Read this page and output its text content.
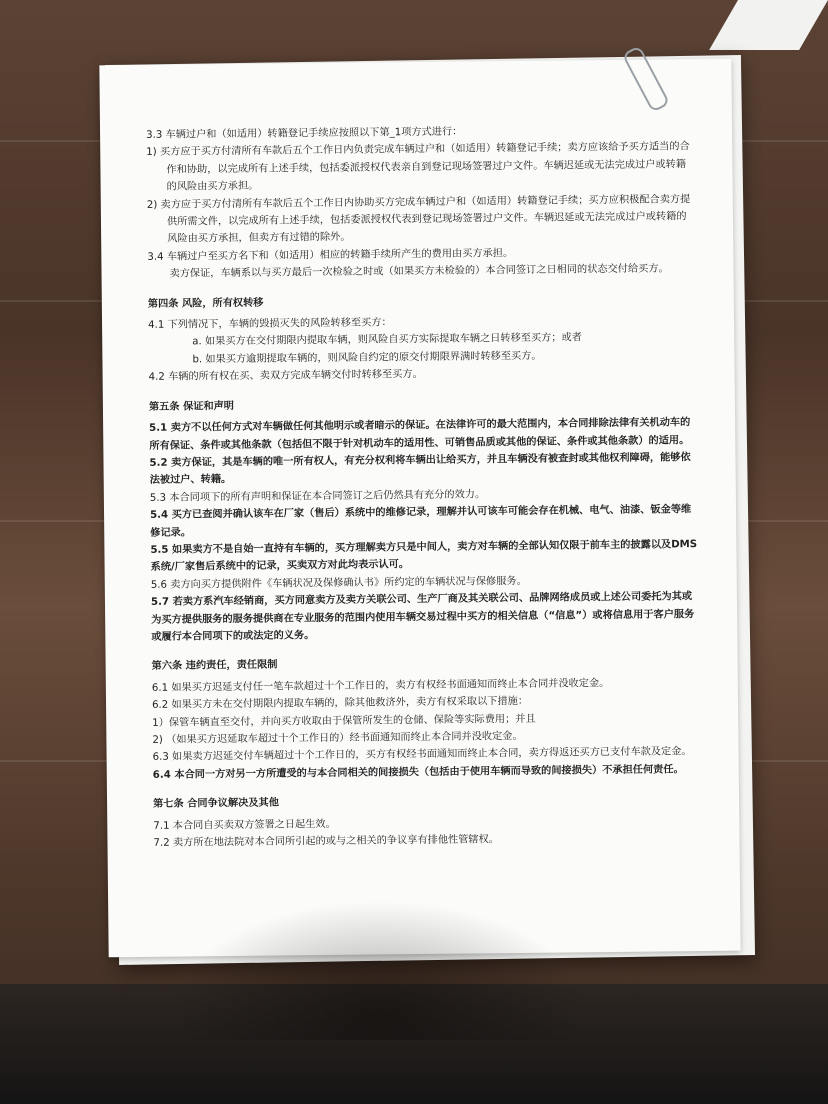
3.3 车辆过户和（如适用）转籍登记手续应按照以下第_1项方式进行：

1) 买方应于买方付清所有车款后五个工作日内负责完成车辆过户和（如适用）转籍登记手续；卖方应该给予买方适当的合作和协助，以完成所有上述手续，包括委派授权代表亲自到登记现场签署过户文件。车辆迟延或无法完成过户或转籍的风险由买方承担。

2) 卖方应于买方付清所有车款后五个工作日内协助买方完成车辆过户和（如适用）转籍登记手续；买方应积极配合卖方提供所需文件，以完成所有上述手续，包括委派授权代表到登记现场签署过户文件。车辆迟延或无法完成过户或转籍的风险由买方承担，但卖方有过错的除外。

3.4 车辆过户至买方名下和（如适用）相应的转籍手续所产生的费用由买方承担。

卖方保证，车辆系以与买方最后一次检验之时或（如果买方未检验的）本合同签订之日相同的状态交付给买方。

第四条 风险，所有权转移

4.1 下列情况下，车辆的毁损灭失的风险转移至买方：

a. 如果买方在交付期限内提取车辆，则风险自买方实际提取车辆之日转移至买方；或者

b. 如果买方逾期提取车辆的，则风险自约定的原交付期限界满时转移至买方。

4.2 车辆的所有权在买、卖双方完成车辆交付时转移至买方。

第五条 保证和声明

5.1 卖方不以任何方式对车辆做任何其他明示或者暗示的保证。在法律许可的最大范围内，本合同排除法律有关机动车的所有保证、条件或其他条款（包括但不限于针对机动车的适用性、可销售品质或其他的保证、条件或其他条款）的适用。

5.2 卖方保证，其是车辆的唯一所有权人，有充分权利将车辆出让给买方，并且车辆没有被查封或其他权利障碍，能够依法被过户、转籍。

5.3 本合同项下的所有声明和保证在本合同签订之后仍然具有充分的效力。

5.4 买方已查阅并确认该车在厂家（售后）系统中的维修记录，理解并认可该车可能会存在机械、电气、油漆、钣金等维修记录。

5.5 如果卖方不是自始一直持有车辆的，买方理解卖方只是中间人，卖方对车辆的全部认知仅限于前车主的披露以及DMS系统/厂家售后系统中的记录，买卖双方对此均表示认可。

5.6 卖方向买方提供附件《车辆状况及保修确认书》所约定的车辆状况与保修服务。

5.7 若卖方系汽车经销商，买方同意卖方及卖方关联公司、生产厂商及其关联公司、品牌网络成员或上述公司委托为其或为买方提供服务的服务提供商在专业服务的范围内使用车辆交易过程中买方的相关信息（“信息”）或将信息用于客户服务或履行本合同项下的或法定的义务。

第六条 违约责任，责任限制

6.1 如果买方迟延支付任一笔车款超过十个工作日的，卖方有权经书面通知而终止本合同并没收定金。

6.2 如果买方未在交付期限内提取车辆的，除其他救济外，卖方有权采取以下措施：

1）保管车辆直至交付，并向买方收取由于保管所发生的仓储、保险等实际费用；并且

2) （如果买方迟延取车超过十个工作日的）经书面通知而终止本合同并没收定金。

6.3 如果卖方迟延交付车辆超过十个工作日的，买方有权经书面通知而终止本合同，卖方得返还买方已支付车款及定金。

6.4 本合同一方对另一方所遭受的与本合同相关的间接损失（包括由于使用车辆而导致的间接损失）不承担任何责任。

第七条 合同争议解决及其他

7.1 本合同自买卖双方签署之日起生效。

7.2 卖方所在地法院对本合同所引起的或与之相关的争议享有排他性管辖权。
